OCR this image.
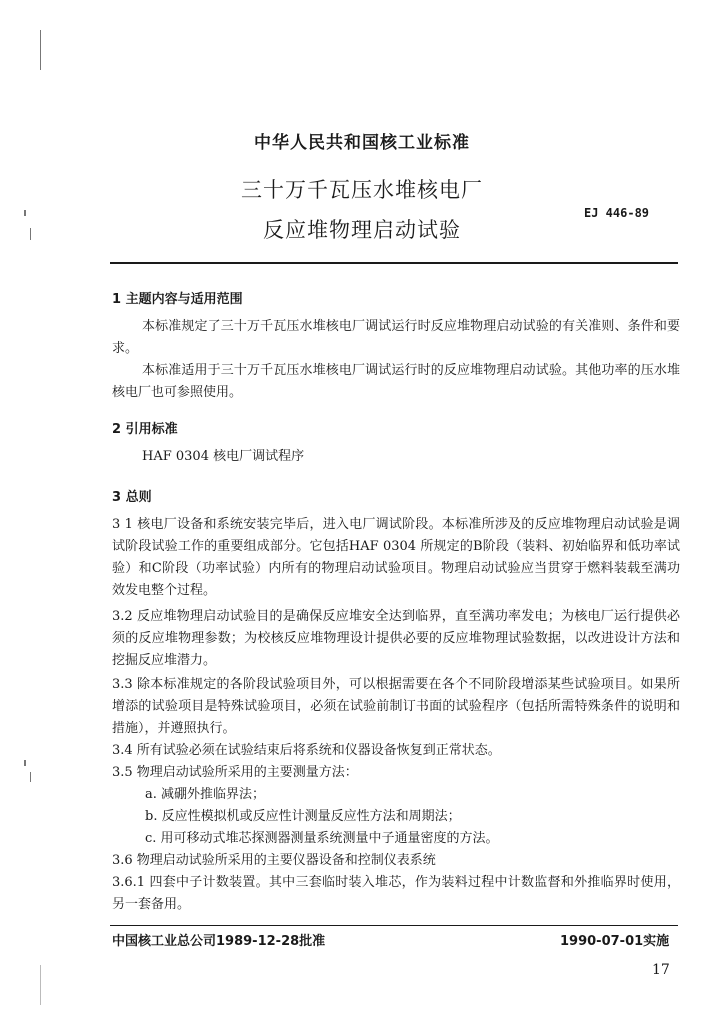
中华人民共和国核工业标准
三十万千瓦压水堆核电厂
反应堆物理启动试验
EJ 446-89
1 主题内容与适用范围
本标准规定了三十万千瓦压水堆核电厂调试运行时反应堆物理启动试验的有关准则、条件和要求。
本标准适用于三十万千瓦压水堆核电厂调试运行时的反应堆物理启动试验。其他功率的压水堆核电厂也可参照使用。
2 引用标准
HAF 0304 核电厂调试程序
3 总则
3 1 核电厂设备和系统安装完毕后，进入电厂调试阶段。本标准所涉及的反应堆物理启动试验是调试阶段试验工作的重要组成部分。它包括HAF 0304 所规定的B阶段（装料、初始临界和低功率试验）和C阶段（功率试验）内所有的物理启动试验项目。物理启动试验应当贯穿于燃料装载至满功效发电整个过程。
3.2 反应堆物理启动试验目的是确保反应堆安全达到临界，直至满功率发电；为核电厂运行提供必须的反应堆物理参数；为校核反应堆物理设计提供必要的反应堆物理试验数据，以改进设计方法和挖掘反应堆潜力。
3.3 除本标准规定的各阶段试验项目外，可以根据需要在各个不同阶段增添某些试验项目。如果所增添的试验项目是特殊试验项目，必须在试验前制订书面的试验程序（包括所需特殊条件的说明和措施），并遵照执行。
3.4 所有试验必须在试验结束后将系统和仪器设备恢复到正常状态。
3.5 物理启动试验所采用的主要测量方法：
a. 减硼外推临界法；
b. 反应性模拟机或反应性计测量反应性方法和周期法；
c. 用可移动式堆芯探测器测量系统测量中子通量密度的方法。
3.6 物理启动试验所采用的主要仪器设备和控制仪表系统
3.6.1 四套中子计数装置。其中三套临时装入堆芯，作为装料过程中计数监督和外推临界时使用，另一套备用。
中国核工业总公司1989-12-28批准	1990-07-01实施
17
